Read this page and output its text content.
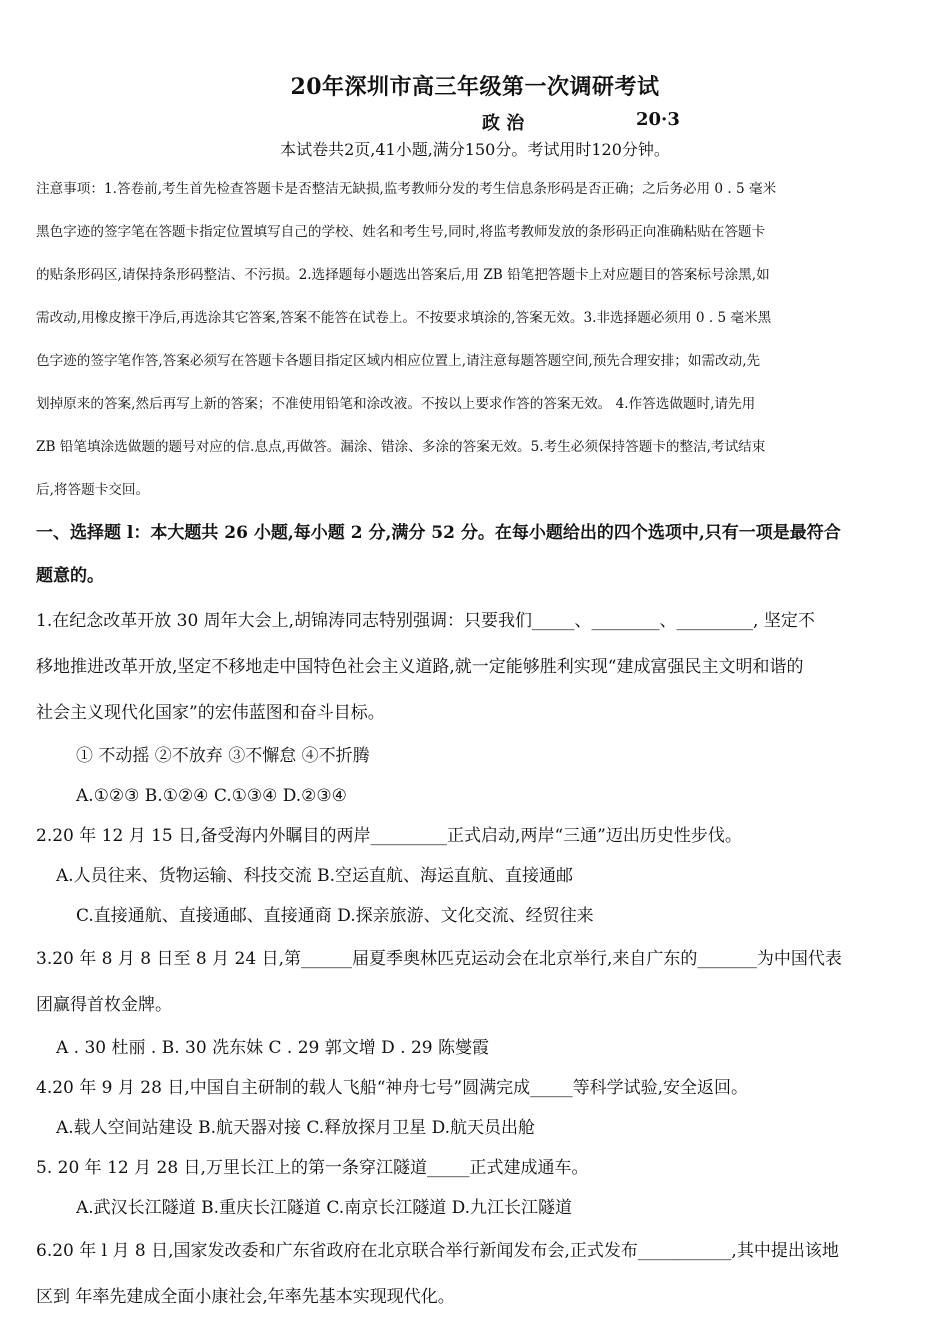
20年深圳市高三年级第一次调研考试
政 治	20·3
本试卷共2页,41小题,满分150分。考试用时120分钟。
注意事项：1.答卷前,考生首先检查答题卡是否整洁无缺损,监考教师分发的考生信息条形码是否正确；之后务必用 0 . 5 毫米
黑色字迹的签字笔在答题卡指定位置填写自己的学校、姓名和考生号,同时,将监考教师发放的条形码正向准确粘贴在答题卡
的贴条形码区,请保持条形码整洁、不污损。2.选择题每小题选出答案后,用 ZB 铅笔把答题卡上对应题目的答案标号涂黑,如
需改动,用橡皮擦干净后,再选涂其它答案,答案不能答在试卷上。不按要求填涂的,答案无效。3.非选择题必须用 0 . 5 毫米黑
色字迹的签字笔作答,答案必须写在答题卡各题目指定区域内相应位置上,请注意每题答题空间,预先合理安排；如需改动,先
划掉原来的答案,然后再写上新的答案；不准使用铅笔和涂改液。不按以上要求作答的答案无效。 4.作答选做题时,请先用
ZB 铅笔填涂选做题的题号对应的信.息点,再做答。漏涂、错涂、多涂的答案无效。5.考生必须保持答题卡的整洁,考试结束
后,将答题卡交回。
一、选择题 l：本大题共 26 小题,每小题 2 分,满分 52 分。在每小题给出的四个选项中,只有一项是最符合
题意的。
1.在纪念改革开放 30 周年大会上,胡锦涛同志特别强调：只要我们_____、________、_________, 坚定不
移地推进改革开放,坚定不移地走中国特色社会主义道路,就一定能够胜利实现“建成富强民主文明和谐的
社会主义现代化国家”的宏伟蓝图和奋斗目标。
① 不动摇 ②不放弃 ③不懈怠 ④不折腾
A.①②③ B.①②④ C.①③④ D.②③④
2.20 年 12 月 15 日,备受海内外瞩目的两岸_________正式启动,两岸“三通”迈出历史性步伐。
A.人员往来、货物运输、科技交流 B.空运直航、海运直航、直接通邮
C.直接通航、直接通邮、直接通商 D.探亲旅游、文化交流、经贸往来
3.20 年 8 月 8 日至 8 月 24 日,第______届夏季奥林匹克运动会在北京举行,来自广东的_______为中国代表
团赢得首枚金牌。
A . 30 杜丽 . B. 30 冼东妹 C . 29 郭文增 D . 29 陈燮霞
4.20 年 9 月 28 日,中国自主研制的载人飞船“神舟七号”圆满完成_____等科学试验,安全返回。
A.载人空间站建设 B.航天器对接 C.释放探月卫星 D.航天员出舱
5. 20 年 12 月 28 日,万里长江上的第一条穿江隧道_____正式建成通车。
A.武汉长江隧道 B.重庆长江隧道 C.南京长江隧道 D.九江长江隧道
6.20 年 l 月 8 日,国家发改委和广东省政府在北京联合举行新闻发布会,正式发布___________,其中提出该地
区到 年率先建成全面小康社会,年率先基本实现现代化。
